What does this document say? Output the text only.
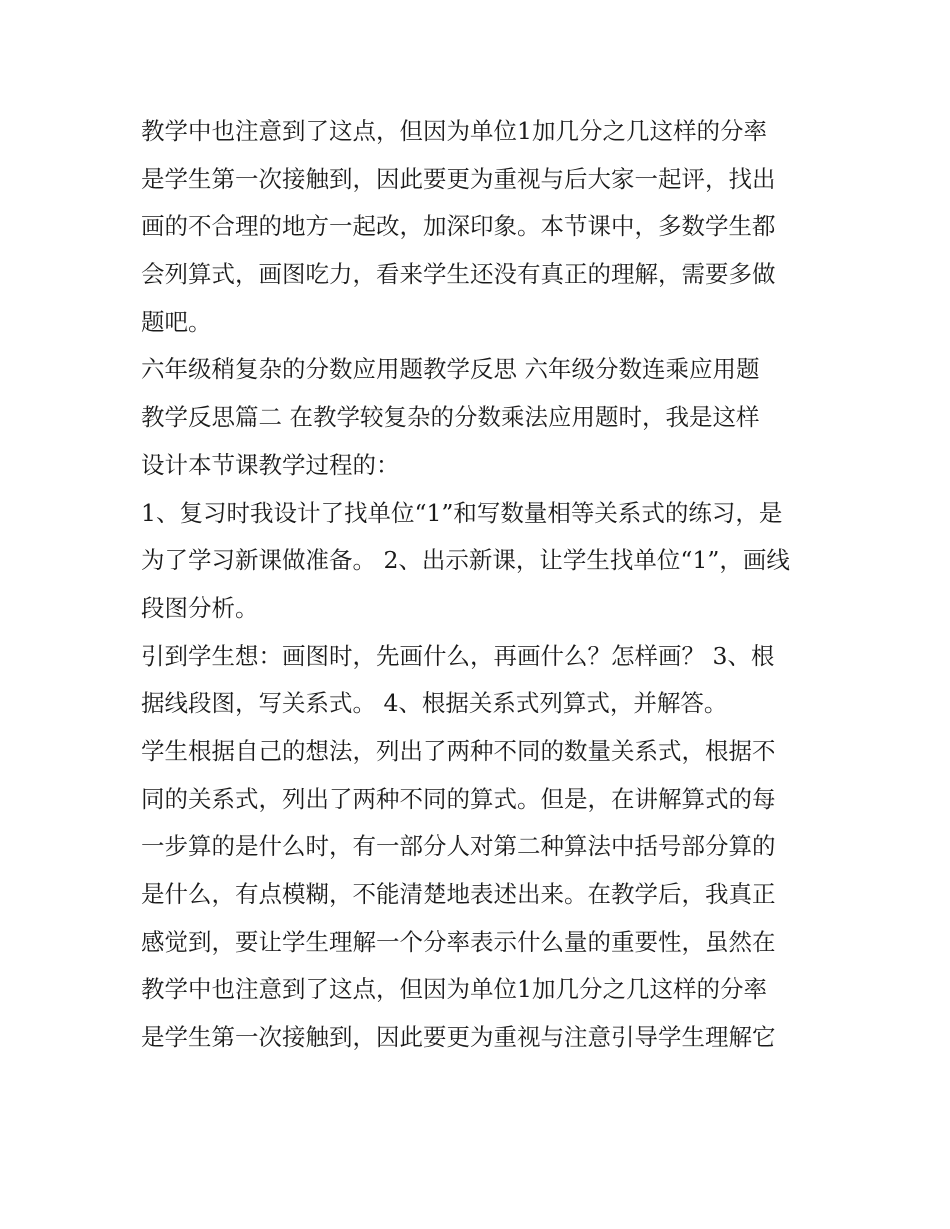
教学中也注意到了这点，但因为单位1加几分之几这样的分率
是学生第一次接触到，因此要更为重视与后大家一起评，找出
画的不合理的地方一起改，加深印象。本节课中，多数学生都
会列算式，画图吃力，看来学生还没有真正的理解，需要多做
题吧。
六年级稍复杂的分数应用题教学反思 六年级分数连乘应用题
教学反思篇二 在教学较复杂的分数乘法应用题时，我是这样
设计本节课教学过程的：
1、复习时我设计了找单位“1”和写数量相等关系式的练习，是
为了学习新课做准备。 2、出示新课，让学生找单位“1”，画线
段图分析。
引到学生想：画图时，先画什么，再画什么？怎样画？ 3、根
据线段图，写关系式。 4、根据关系式列算式，并解答。
学生根据自己的想法，列出了两种不同的数量关系式，根据不
同的关系式，列出了两种不同的算式。但是，在讲解算式的每
一步算的是什么时，有一部分人对第二种算法中括号部分算的
是什么，有点模糊，不能清楚地表述出来。在教学后，我真正
感觉到，要让学生理解一个分率表示什么量的重要性，虽然在
教学中也注意到了这点，但因为单位1加几分之几这样的分率
是学生第一次接触到，因此要更为重视与注意引导学生理解它
